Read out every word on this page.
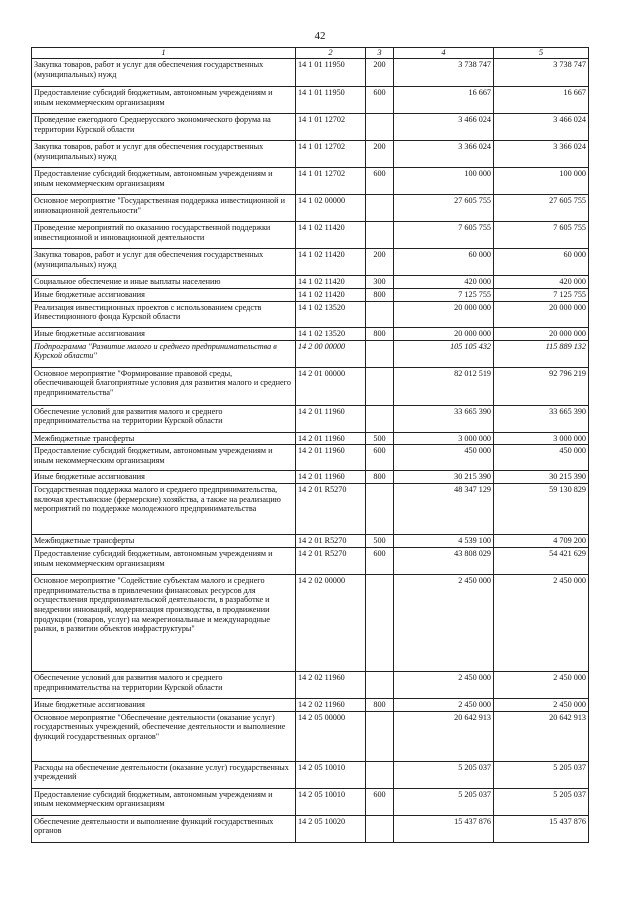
42
1	2	3	4	5
Закупка товаров, работ и услуг для обеспечения государственных (муниципальных) нужд	14 1 01 11950	200	3 738 747	3 738 747
Предоставление субсидий бюджетным, автономным учреждениям и иным некоммерческим организациям	14 1 01 11950	600	16 667	16 667
Проведение ежегодного Среднерусского экономического форума на территории Курской области	14 1 01 12702		3 466 024	3 466 024
Закупка товаров, работ и услуг для обеспечения государственных (муниципальных) нужд	14 1 01 12702	200	3 366 024	3 366 024
Предоставление субсидий бюджетным, автономным учреждениям и иным некоммерческим организациям	14 1 01 12702	600	100 000	100 000
Основное мероприятие "Государственная поддержка инвестиционной и инновационной деятельности"	14 1 02 00000		27 605 755	27 605 755
Проведение мероприятий по оказанию государственной поддержки инвестиционной и инновационной деятельности	14 1 02 11420		7 605 755	7 605 755
Закупка товаров, работ и услуг для обеспечения государственных (муниципальных) нужд	14 1 02 11420	200	60 000	60 000
Социальное обеспечение и иные выплаты населению	14 1 02 11420	300	420 000	420 000
Иные бюджетные ассигнования	14 1 02 11420	800	7 125 755	7 125 755
Реализация инвестиционных проектов с использованием средств Инвестиционного фонда Курской области	14 1 02 13520		20 000 000	20 000 000
Иные бюджетные ассигнования	14 1 02 13520	800	20 000 000	20 000 000
Подпрограмма "Развитие малого и среднего предпринимательства в Курской области"	14 2 00 00000		105 105 432	115 889 132
Основное мероприятие "Формирование правовой среды, обеспечивающей благоприятные условия для развития малого и среднего предпринимательства"	14 2 01 00000		82 012 519	92 796 219
Обеспечение условий для развития малого и среднего предпринимательства на территории Курской области	14 2 01 11960		33 665 390	33 665 390
Межбюджетные трансферты	14 2 01 11960	500	3 000 000	3 000 000
Предоставление субсидий бюджетным, автономным учреждениям и иным некоммерческим организациям	14 2 01 11960	600	450 000	450 000
Иные бюджетные ассигнования	14 2 01 11960	800	30 215 390	30 215 390
Государственная поддержка малого и среднего предпринимательства, включая крестьянские (фермерские) хозяйства, а также на реализацию мероприятий по поддержке молодежного предпринимательства	14 2 01 R5270		48 347 129	59 130 829
Межбюджетные трансферты	14 2 01 R5270	500	4 539 100	4 709 200
Предоставление субсидий бюджетным, автономным учреждениям и иным некоммерческим организациям	14 2 01 R5270	600	43 808 029	54 421 629
Основное мероприятие "Содействие субъектам малого и среднего предпринимательства в привлечении финансовых ресурсов для осуществления предпринимательской деятельности, в разработке и внедрении инноваций, модернизация производства, в продвижении продукции (товаров, услуг) на межрегиональные и международные рынки, в развитии объектов инфраструктуры"	14 2 02 00000		2 450 000	2 450 000
Обеспечение условий для развития малого и среднего предпринимательства на территории Курской области	14 2 02 11960		2 450 000	2 450 000
Иные бюджетные ассигнования	14 2 02 11960	800	2 450 000	2 450 000
Основное мероприятие "Обеспечение деятельности (оказание услуг) государственных учреждений, обеспечение деятельности и выполнение функций государственных органов"	14 2 05 00000		20 642 913	20 642 913
Расходы на обеспечение деятельности (оказание услуг) государственных учреждений	14 2 05 10010		5 205 037	5 205 037
Предоставление субсидий бюджетным, автономным учреждениям и иным некоммерческим организациям	14 2 05 10010	600	5 205 037	5 205 037
Обеспечение деятельности и выполнение функций государственных органов	14 2 05 10020		15 437 876	15 437 876
